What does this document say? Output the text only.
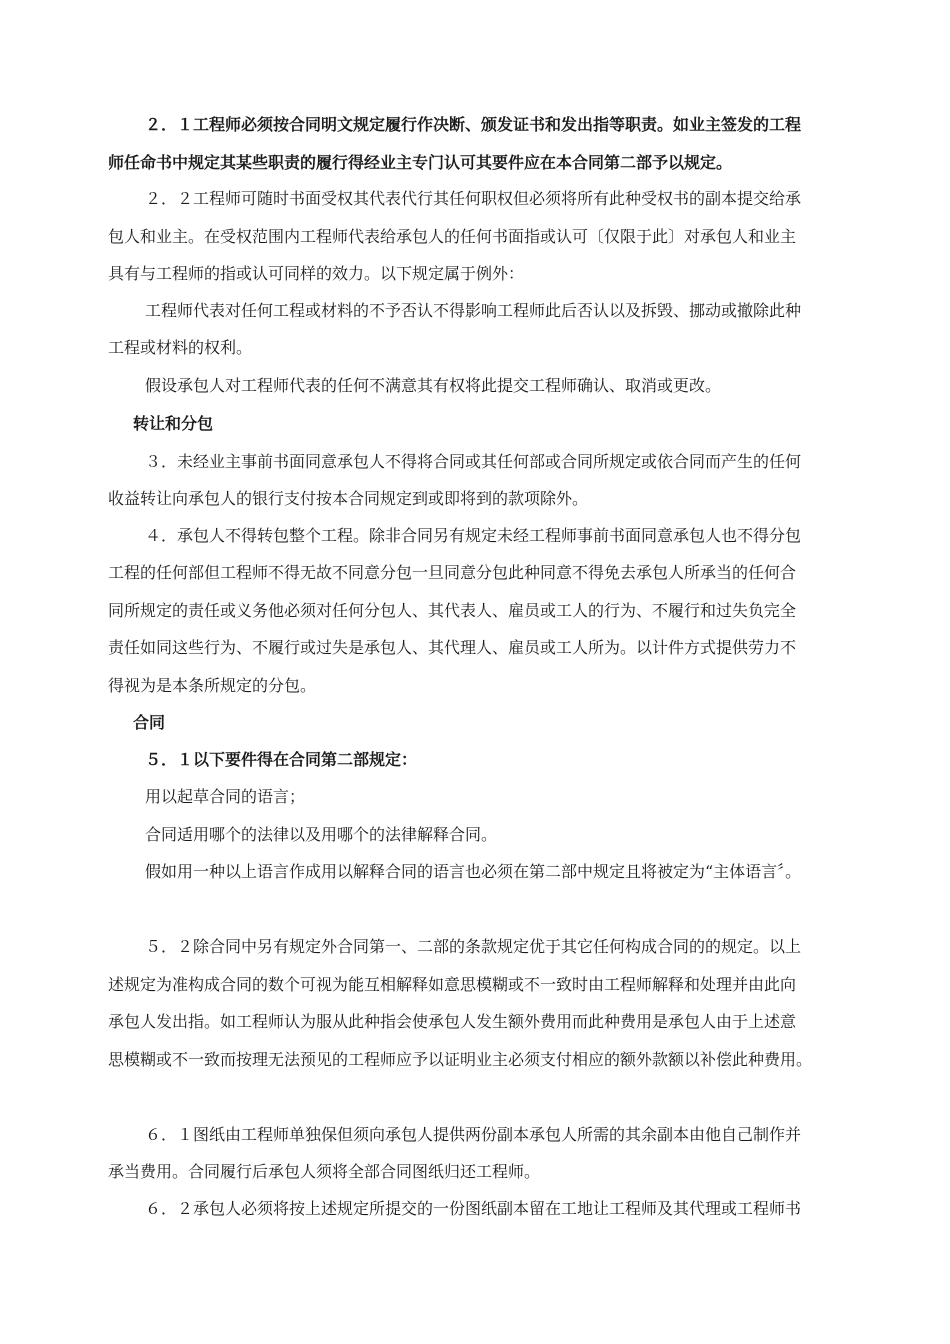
２．１工程师必须按合同明文规定履行作决断、颁发证书和发出指等职责。如业主签发的工程
师任命书中规定其某些职责的履行得经业主专门认可其要件应在本合同第二部予以规定。
２．２工程师可随时书面受权其代表代行其任何职权但必须将所有此种受权书的副本提交给承
包人和业主。在受权范围内工程师代表给承包人的任何书面指或认可〔仅限于此〕对承包人和业主
具有与工程师的指或认可同样的效力。以下规定属于例外：
工程师代表对任何工程或材料的不予否认不得影响工程师此后否认以及拆毁、挪动或撤除此种
工程或材料的权利。
假设承包人对工程师代表的任何不满意其有权将此提交工程师确认、取消或更改。
转让和分包
３．未经业主事前书面同意承包人不得将合同或其任何部或合同所规定或依合同而产生的任何
收益转让向承包人的银行支付按本合同规定到或即将到的款项除外。
４．承包人不得转包整个工程。除非合同另有规定未经工程师事前书面同意承包人也不得分包
工程的任何部但工程师不得无故不同意分包一旦同意分包此种同意不得免去承包人所承当的任何合
同所规定的责任或义务他必须对任何分包人、其代表人、雇员或工人的行为、不履行和过失负完全
责任如同这些行为、不履行或过失是承包人、其代理人、雇员或工人所为。以计件方式提供劳力不
得视为是本条所规定的分包。
合同
５．１以下要件得在合同第二部规定：
用以起草合同的语言；
合同适用哪个的法律以及用哪个的法律解释合同。
假如用一种以上语言作成用以解释合同的语言也必须在第二部中规定且将被定为“主体语言〞。
５．２除合同中另有规定外合同第一、二部的条款规定优于其它任何构成合同的的规定。以上
述规定为准构成合同的数个可视为能互相解释如意思模糊或不一致时由工程师解释和处理并由此向
承包人发出指。如工程师认为服从此种指会使承包人发生额外费用而此种费用是承包人由于上述意
思模糊或不一致而按理无法预见的工程师应予以证明业主必须支付相应的额外款额以补偿此种费用。
６．１图纸由工程师单独保但须向承包人提供两份副本承包人所需的其余副本由他自己制作并
承当费用。合同履行后承包人须将全部合同图纸归还工程师。
６．２承包人必须将按上述规定所提交的一份图纸副本留在工地让工程师及其代理或工程师书
